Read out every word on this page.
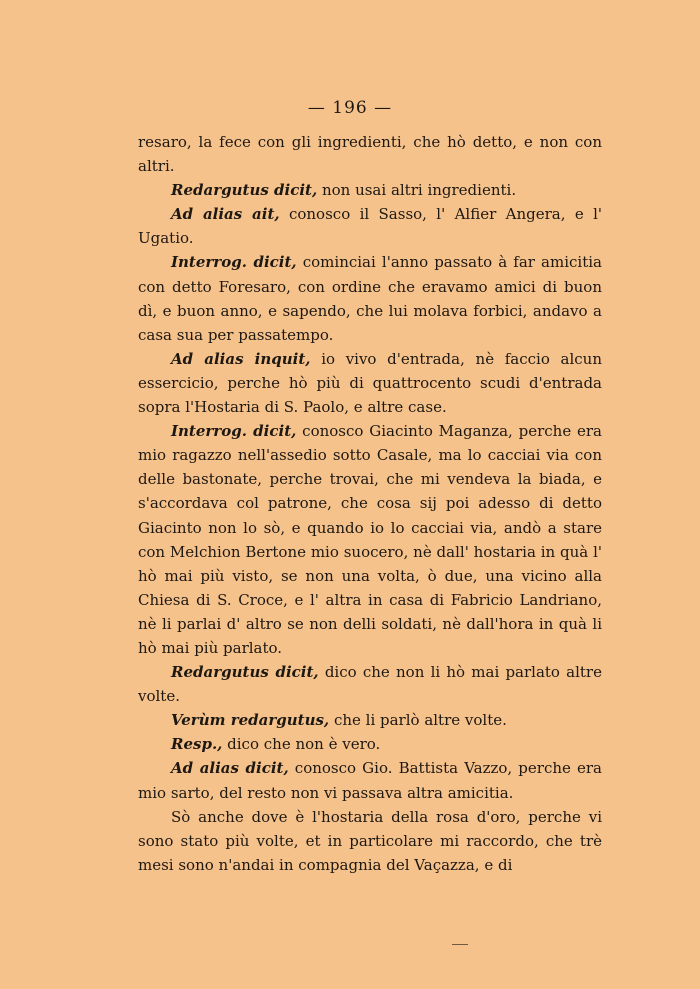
— 196 —

resaro, la fece con gli ingredienti, che hò detto, e non con altri.

Redargutus dicit, non usai altri ingredienti.

Ad alias ait, conosco il Sasso, l' Alfier Angera, e l' Ugatio.

Interrog. dicit, cominciai l'anno passato à far amicitia con detto Foresaro, con ordine che eravamo amici di buon dì, e buon anno, e sapendo, che lui molava forbici, andavo a casa sua per passatempo.

Ad alias inquit, io vivo d'entrada, nè faccio alcun essercicio, perche hò più di quattrocento scudi d'entrada sopra l'Hostaria di S. Paolo, e altre case.

Interrog. dicit, conosco Giacinto Maganza, perche era mio ragazzo nell'assedio sotto Casale, ma lo cacciai via con delle bastonate, perche trovai, che mi vendeva la biada, e s'accordava col patrone, che cosa sij poi adesso di detto Giacinto non lo sò, e quando io lo cacciai via, andò a stare con Melchion Bertone mio suocero, nè dall' hostaria in quà l' hò mai più visto, se non una volta, ò due, una vicino alla Chiesa di S. Croce, e l' altra in casa di Fabricio Landriano, nè li parlai d' altro se non delli soldati, nè dall'hora in quà li hò mai più parlato.

Redargutus dicit, dico che non li hò mai parlato altre volte.

Verùm redargutus, che li parlò altre volte.

Resp., dico che non è vero.

Ad alias dicit, conosco Gio. Battista Vazzo, perche era mio sarto, del resto non vi passava altra amicitia.

Sò anche dove è l'hostaria della rosa d'oro, perche vi sono stato più volte, et in particolare mi raccordo, che trè mesi sono n'andai in compagnia del Vaçazza, e di
